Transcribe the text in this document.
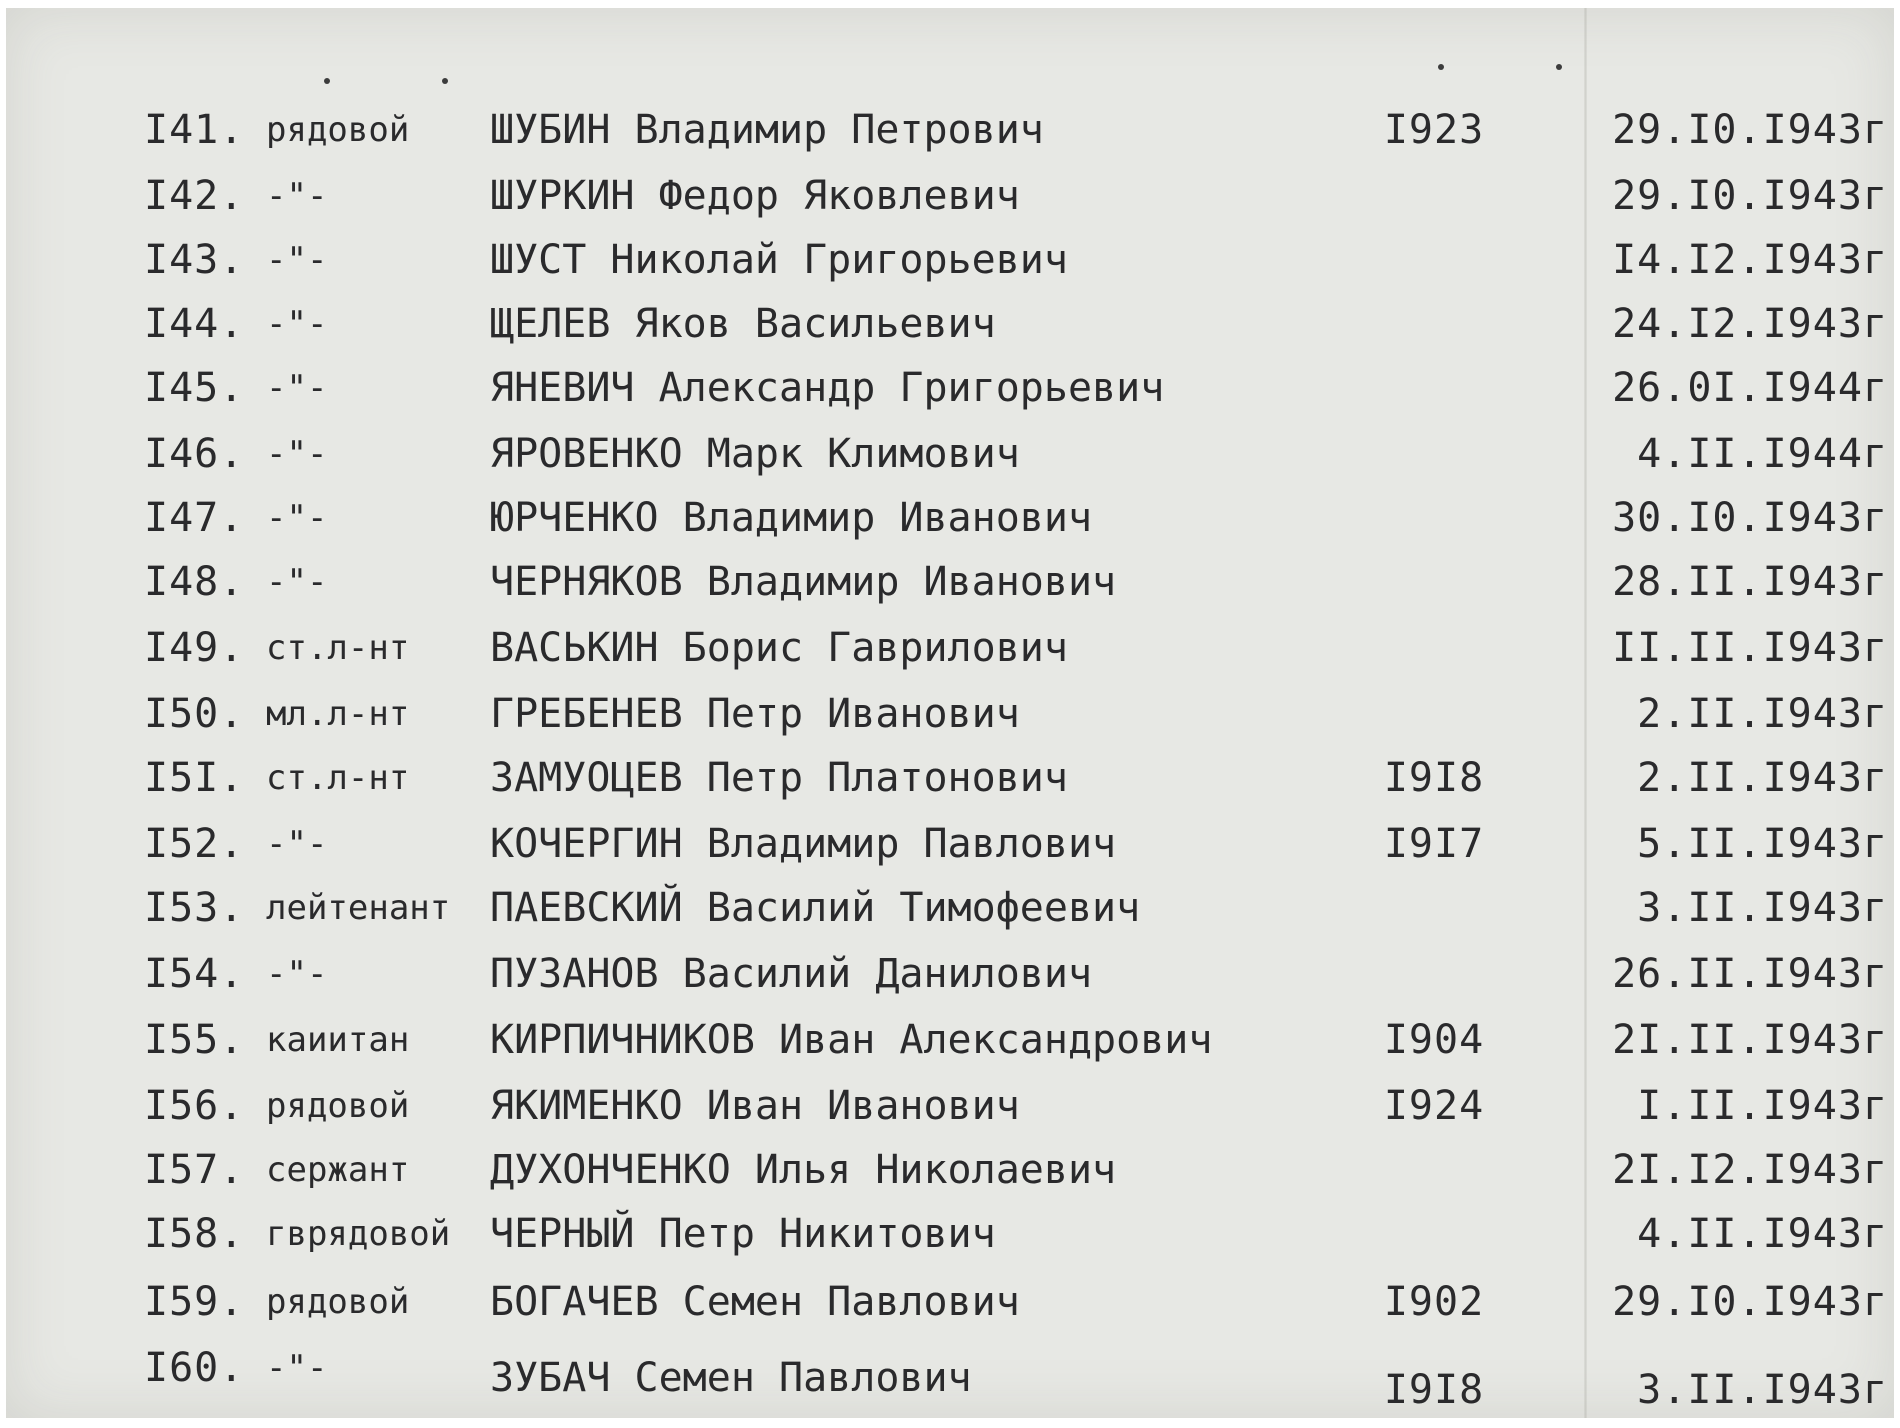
I41. рядовой ШУБИН Владимир Петрович	I923	29.I0.I943г
I42. -"-	ШУРКИН Федор Яковлевич	29.I0.I943г
I43. -"-	ШУСТ Николай Григорьевич	I4.I2.I943г
I44. -"-	ЩЕЛЕВ Яков Васильевич	24.I2.I943г
I45. -"-	ЯНЕВИЧ Александр Григорьевич	26.0I.I944г
I46. -"-	ЯРОВЕНКО Марк Климович	4.II.I944г
I47. -"-	ЮРЧЕНКО Владимир Иванович	30.I0.I943г
I48. -"-	ЧЕРНЯКОВ Владимир Иванович	28.II.I943г
I49. ст.л-нт ВАСЬКИН Борис Гаврилович	II.II.I943г
I50. мл.л-нт ГРЕБЕНЕВ Петр Иванович	2.II.I943г
I5I. ст.л-нт ЗАМУОЦЕВ Петр Платонович	I9I8	2.II.I943г
I52. -"-	КОЧЕРГИН Владимир Павлович	I9I7	5.II.I943г
I53. лейтенант ПАЕВСКИЙ Василий Тимофеевич	3.II.I943г
I54. -"-	ПУЗАНОВ Василий Данилович	26.II.I943г
I55. каиитан КИРПИЧНИКОВ Иван Александрович	I904	2I.II.I943г
I56. рядовой ЯКИМЕНКО Иван Иванович	I924	I.II.I943г
I57. сержант ДУХОНЧЕНКО Илья Николаевич	2I.I2.I943г
I58. гврядовой ЧЕРНЫЙ Петр Никитович	4.II.I943г
I59. рядовой БОГАЧЕВ Семен Павлович	I902	29.I0.I943г
I60. -"-	ЗУБАЧ Семен Павлович	I9I8	3.II.I943г
